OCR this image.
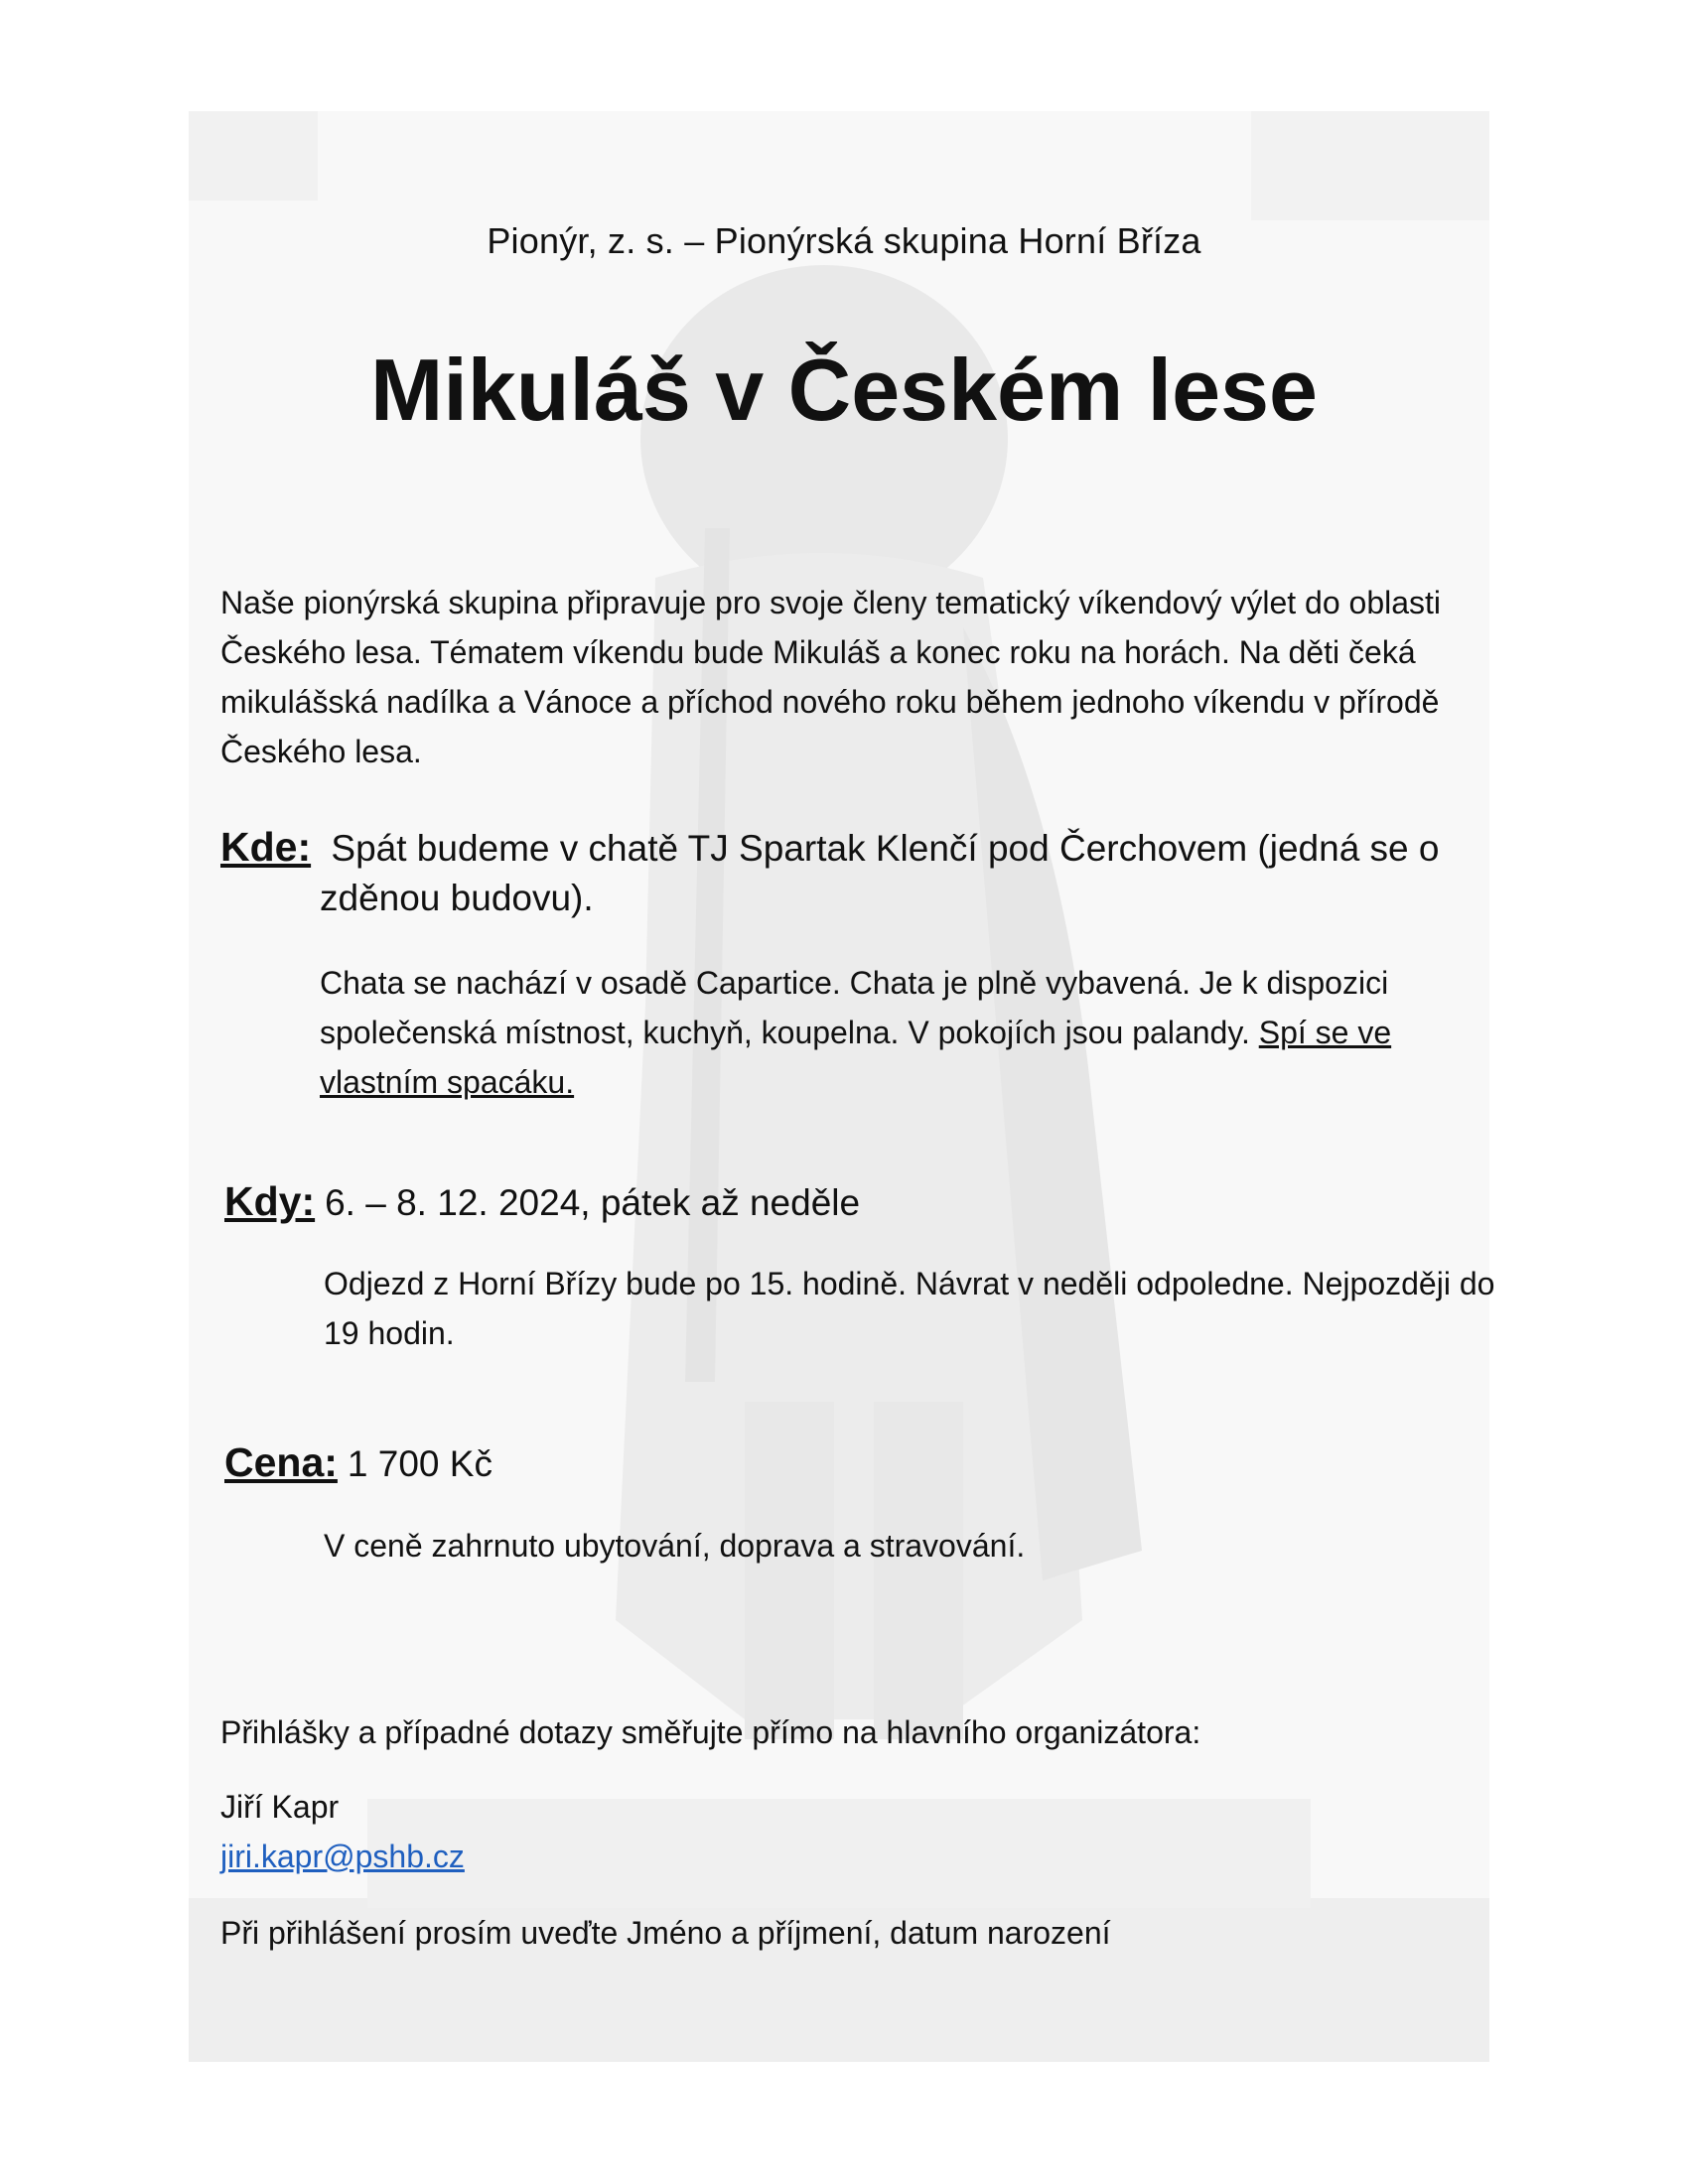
Pionýr, z. s. – Pionýrská skupina Horní Bříza
Mikuláš v Českém lese

Naše pionýrská skupina připravuje pro svoje členy tematický víkendový výlet do oblasti Českého lesa. Tématem víkendu bude Mikuláš a konec roku na horách. Na děti čeká mikulášská nadílka a Vánoce a příchod nového roku během jednoho víkendu v přírodě Českého lesa.

Kde: Spát budeme v chatě TJ Spartak Klenčí pod Čerchovem (jedná se o zděnou budovu).

Chata se nachází v osadě Capartice. Chata je plně vybavená. Je k dispozici společenská místnost, kuchyň, koupelna. V pokojích jsou palandy. Spí se ve vlastním spacáku.

Kdy: 6. – 8. 12. 2024, pátek až neděle

Odjezd z Horní Břízy bude po 15. hodině. Návrat v neděli odpoledne. Nejpozději do 19 hodin.

Cena: 1 700 Kč

V ceně zahrnuto ubytování, doprava a stravování.

Přihlášky a případné dotazy směřujte přímo na hlavního organizátora:

Jiří Kapr

jiri.kapr@pshb.cz

Při přihlášení prosím uveďte Jméno a příjmení, datum narození
